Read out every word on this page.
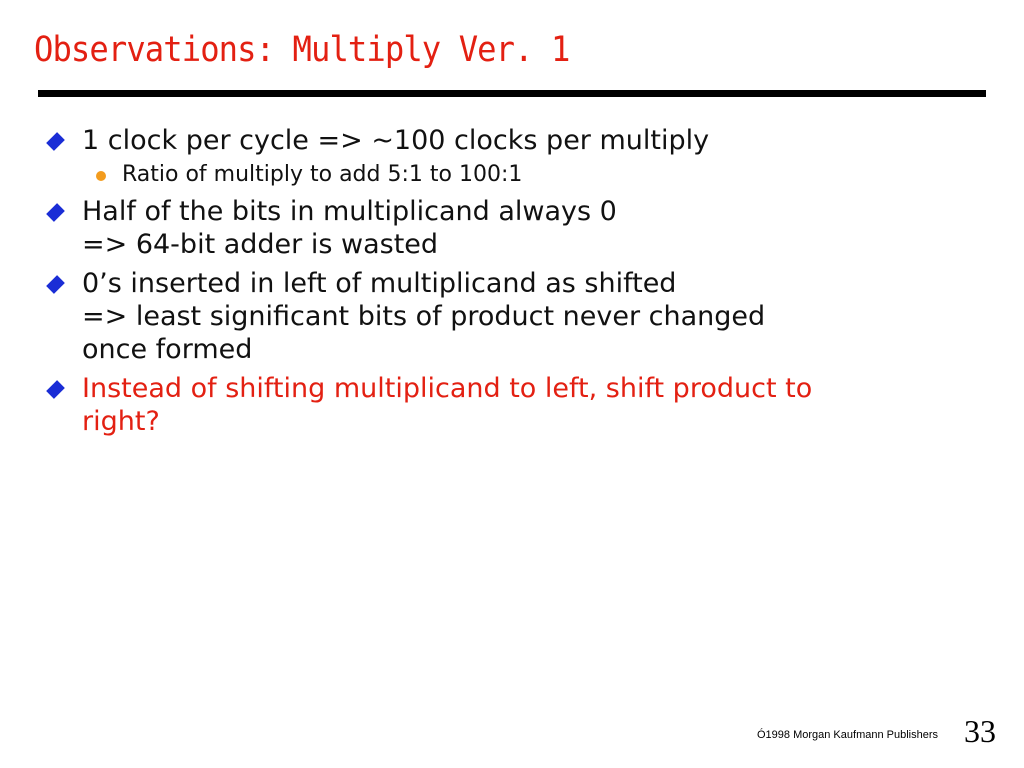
Observations: Multiply Ver. 1
1 clock per cycle => ~100 clocks per multiply
Ratio of multiply to add 5:1 to 100:1
Half of the bits in multiplicand always 0
=> 64-bit adder is wasted
0’s inserted in left of multiplicand as shifted
=> least significant bits of product never changed
once formed
Instead of shifting multiplicand to left, shift product to
right?
Ó1998 Morgan Kaufmann Publishers 33
